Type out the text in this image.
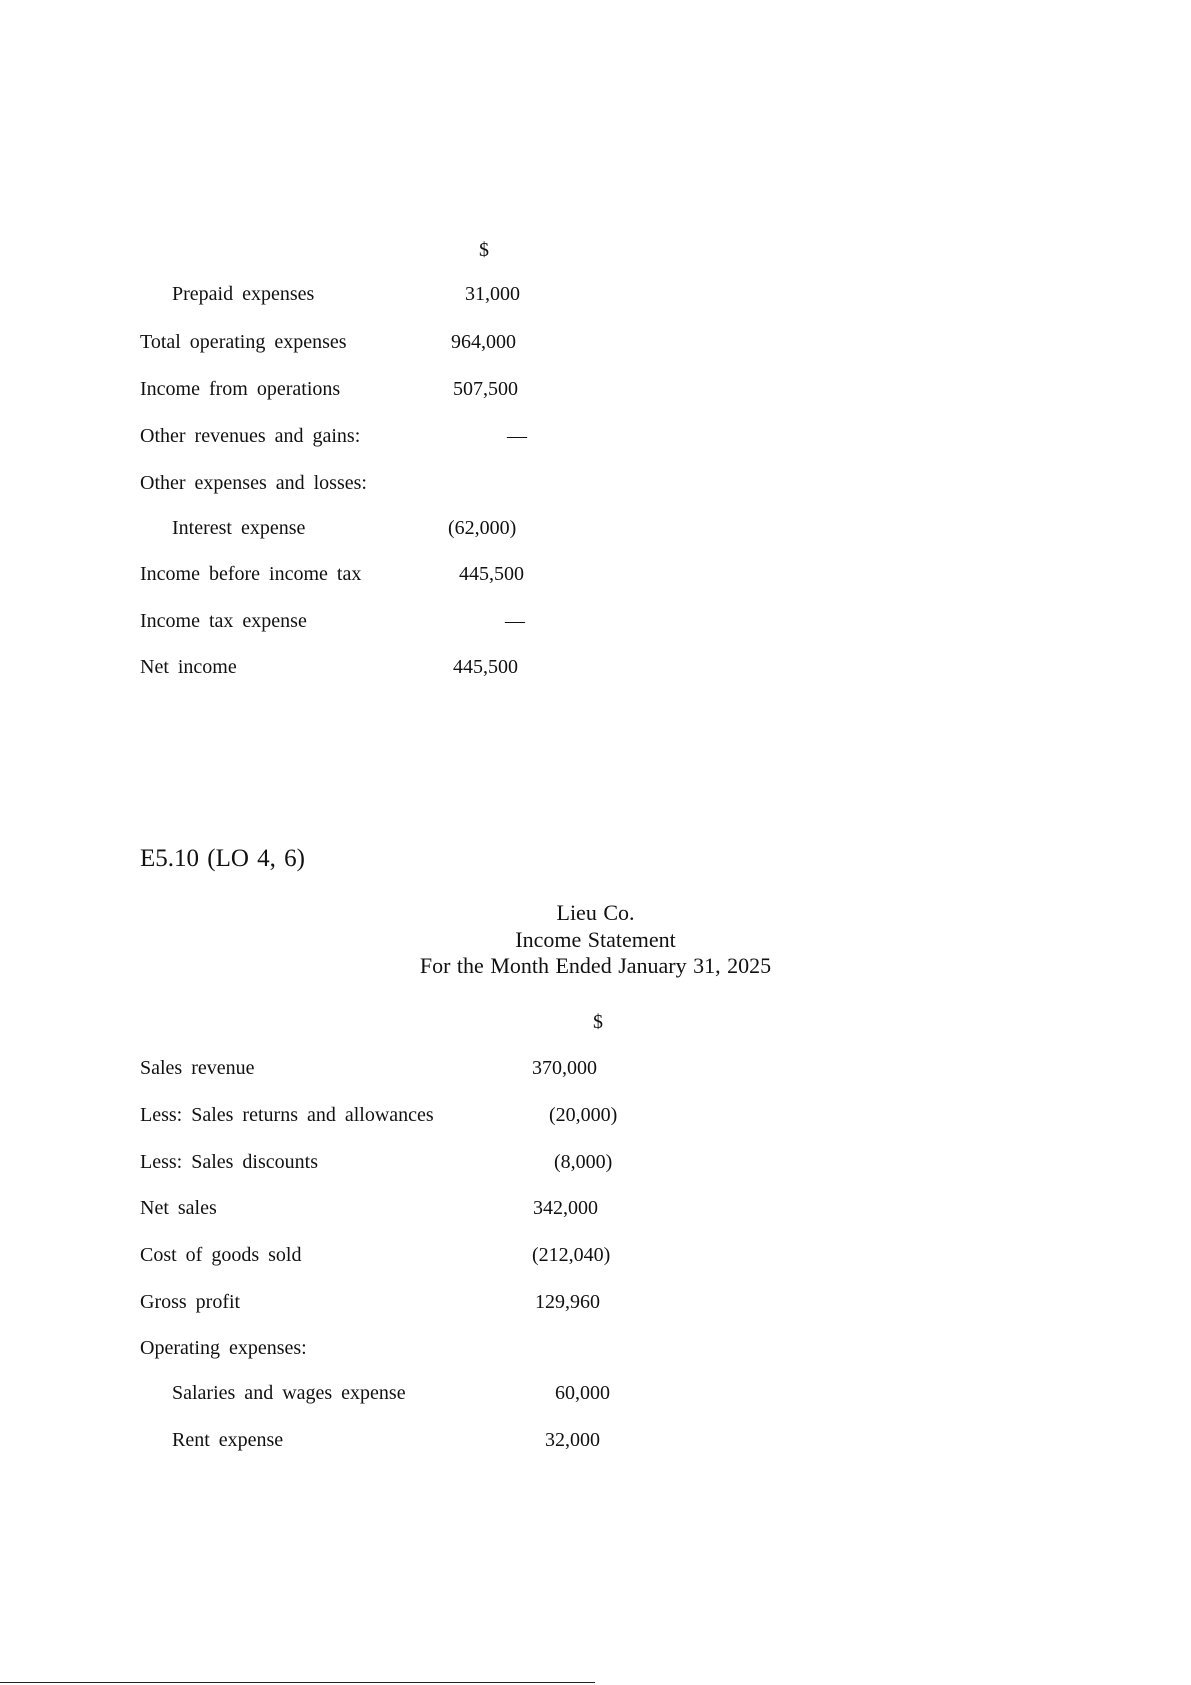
$
Prepaid expenses	31,000
Total operating expenses	964,000
Income from operations	507,500
Other revenues and gains:	—
Other expenses and losses:
Interest expense	(62,000)
Income before income tax	445,500
Income tax expense	—
Net income	445,500
E5.10 (LO 4, 6)
Lieu Co.
Income Statement
For the Month Ended January 31, 2025
$
Sales revenue	370,000
Less: Sales returns and allowances	(20,000)
Less: Sales discounts	(8,000)
Net sales	342,000
Cost of goods sold	(212,040)
Gross profit	129,960
Operating expenses:
Salaries and wages expense	60,000
Rent expense	32,000
